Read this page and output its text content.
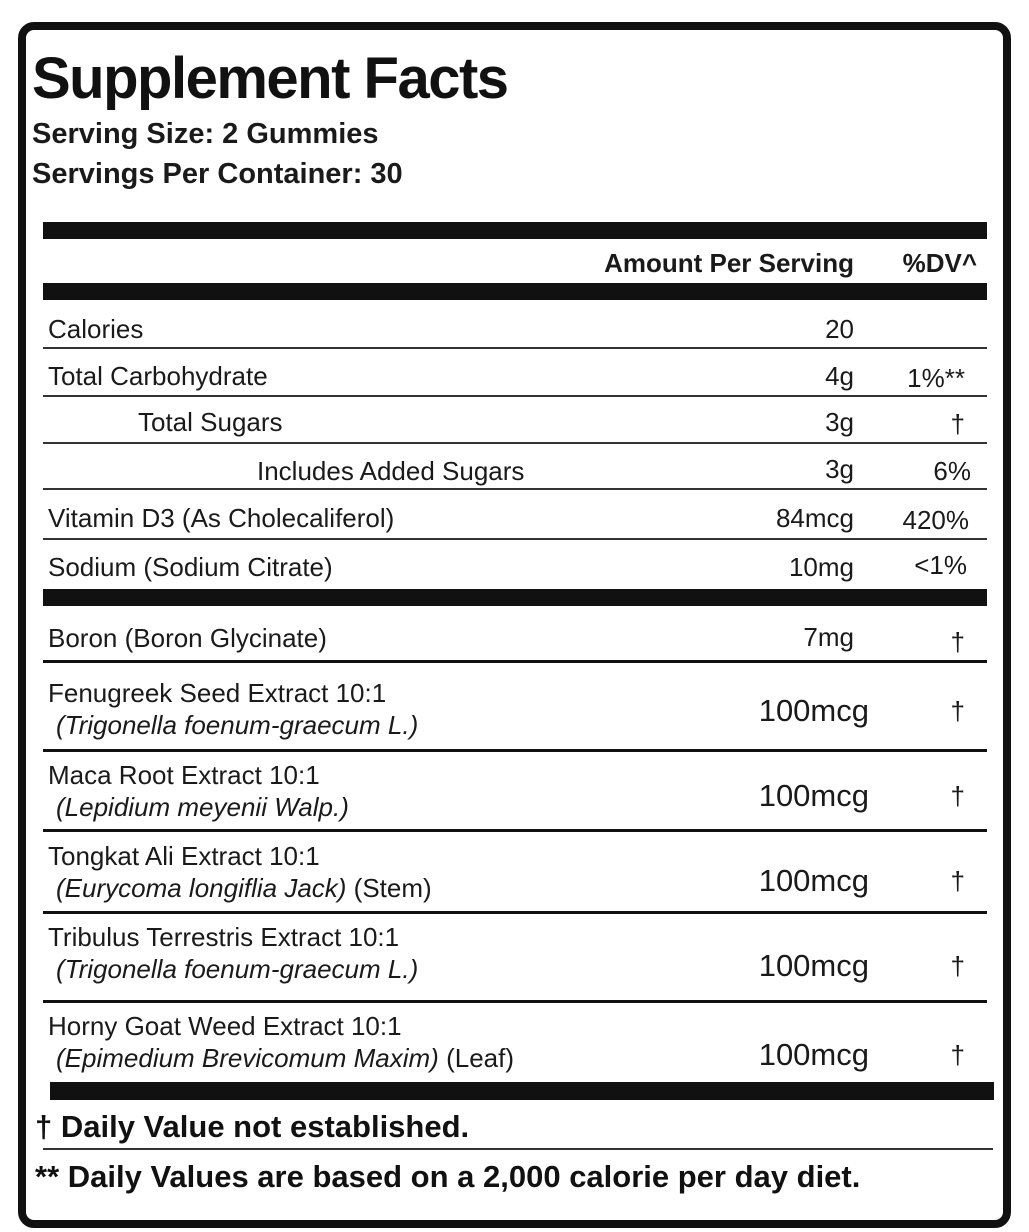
Supplement Facts
Serving Size: 2 Gummies
Servings Per Container: 30
Amount Per Serving %DV^
Calories	20
Total Carbohydrate	4g 1%**
Total Sugars	3g	†
Includes Added Sugars	3g	6%
Vitamin D3 (As Cholecaliferol)	84mcg 420%
Sodium (Sodium Citrate)	10mg <1%
Boron (Boron Glycinate)	7mg	†
Fenugreek Seed Extract 10:1
(Trigonella foenum-graecum L.)	100mcg	†
Maca Root Extract 10:1
(Lepidium meyenii Walp.)	100mcg	†
Tongkat Ali Extract 10:1
(Eurycoma longiflia Jack) (Stem)	100mcg	†
Tribulus Terrestris Extract 10:1
(Trigonella foenum-graecum L.)	100mcg	†
Horny Goat Weed Extract 10:1
(Epimedium Brevicomum Maxim) (Leaf)	100mcg	†
† Daily Value not established.
** Daily Values are based on a 2,000 calorie per day diet.
